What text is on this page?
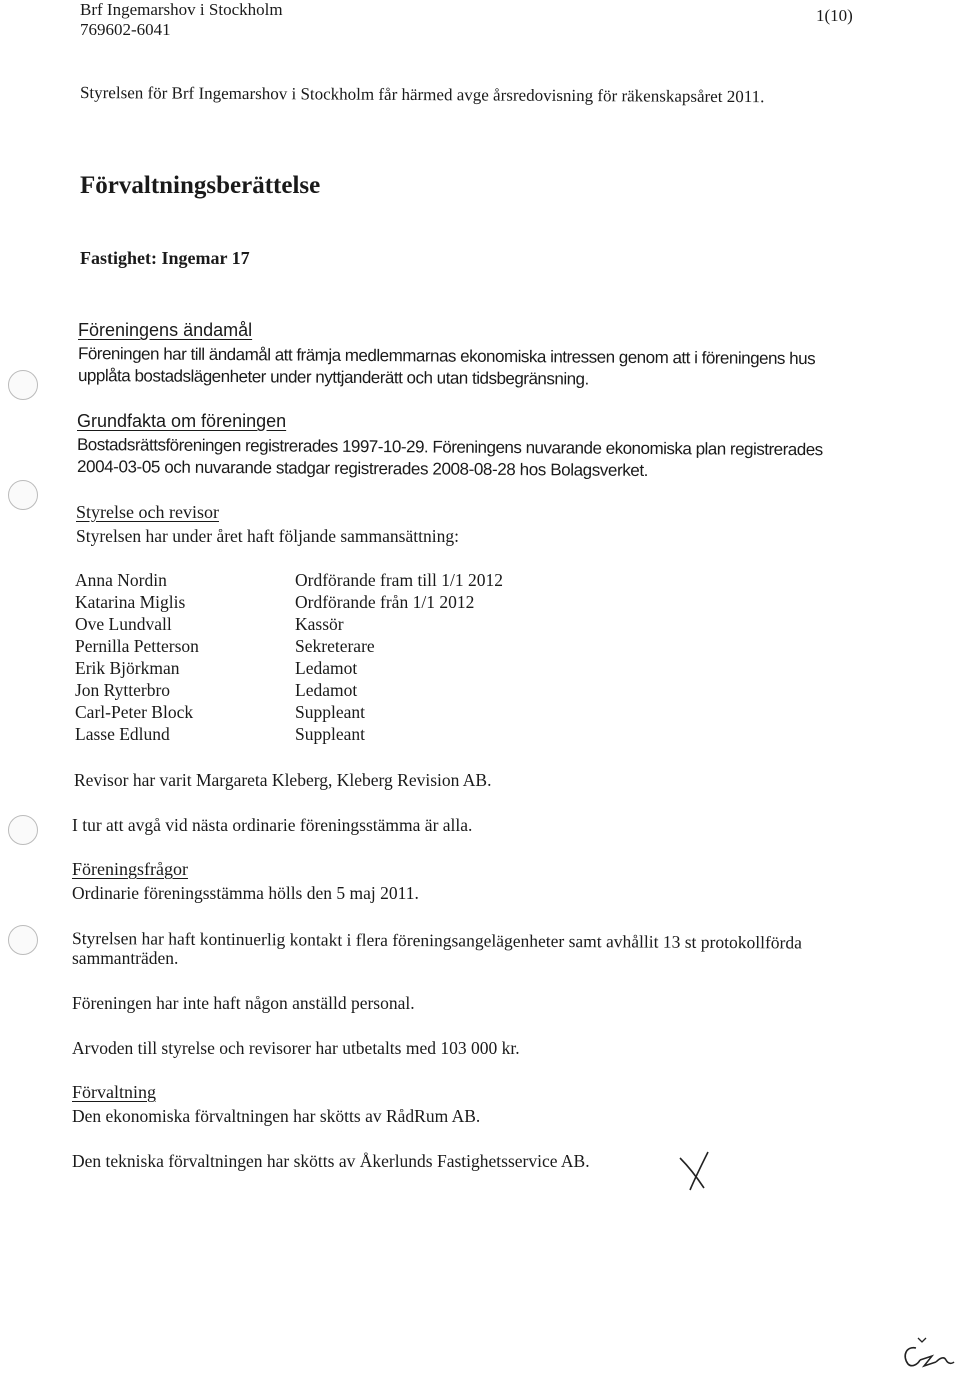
Brf Ingemarshov i Stockholm
769602-6041
1(10)
Styrelsen för Brf Ingemarshov i Stockholm får härmed avge årsredovisning för räkenskapsåret 2011.
Förvaltningsberättelse
Fastighet: Ingemar 17
Föreningens ändamål
Föreningen har till ändamål att främja medlemmarnas ekonomiska intressen genom att i föreningens hus
upplåta bostadslägenheter under nyttjanderätt och utan tidsbegränsning.
Grundfakta om föreningen
Bostadsrättsföreningen registrerades 1997-10-29. Föreningens nuvarande ekonomiska plan registrerades
2004-03-05 och nuvarande stadgar registrerades 2008-08-28 hos Bolagsverket.
Styrelse och revisor
Styrelsen har under året haft följande sammansättning:
Anna Nordin	Ordförande fram till 1/1 2012
Katarina Miglis	Ordförande från 1/1 2012
Ove Lundvall	Kassör
Pernilla Petterson	Sekreterare
Erik Björkman	Ledamot
Jon Rytterbro	Ledamot
Carl-Peter Block	Suppleant
Lasse Edlund	Suppleant
Revisor har varit Margareta Kleberg, Kleberg Revision AB.
I tur att avgå vid nästa ordinarie föreningsstämma är alla.
Föreningsfrågor
Ordinarie föreningsstämma hölls den 5 maj 2011.
Styrelsen har haft kontinuerlig kontakt i flera föreningsangelägenheter samt avhållit 13 st protokollförda
sammanträden.
Föreningen har inte haft någon anställd personal.
Arvoden till styrelse och revisorer har utbetalts med 103 000 kr.
Förvaltning
Den ekonomiska förvaltningen har skötts av RådRum AB.
Den tekniska förvaltningen har skötts av Åkerlunds Fastighetsservice AB.
